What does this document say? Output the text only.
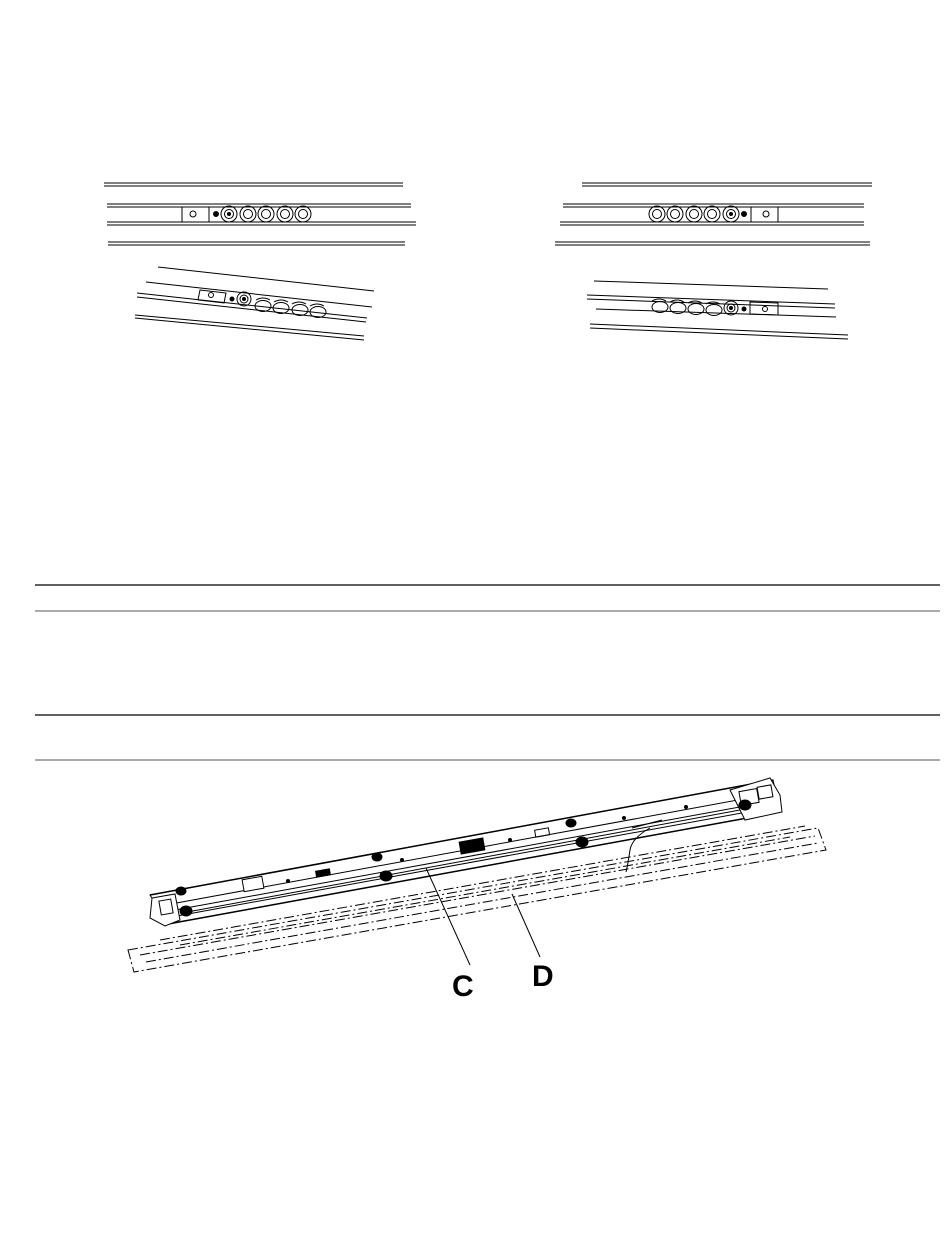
C D
